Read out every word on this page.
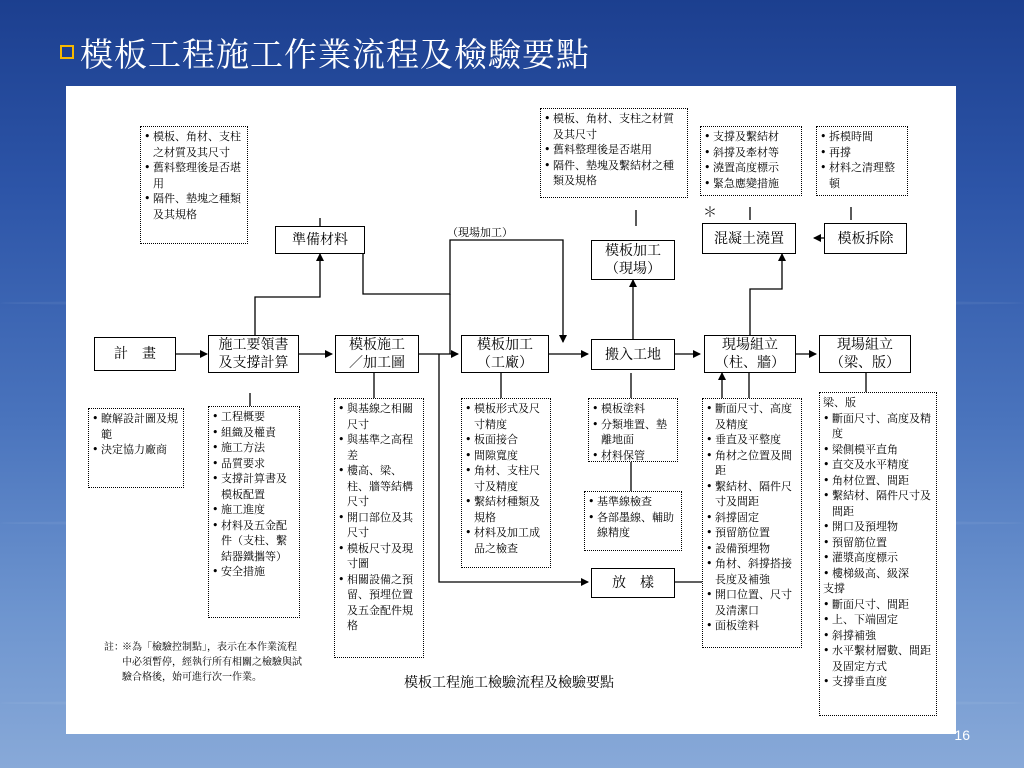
模板工程施工作業流程及檢驗要點
計　畫
施工要領書
及支撐計算
模板施工
／加工圖
準備材料
模板加工
（工廠）
模板加工
（現場）
搬入工地
現場組立
（柱、牆）
現場組立
（梁、版）
混凝土澆置	模板拆除
放　樣
（現場加工）
＊
• 模板、角材、支柱之材質及其尺寸
• 舊料整理後是否堪用
• 隔件、墊塊之種類及其規格
• 模板、角材、支柱之材質及其尺寸
• 舊料整理後是否堪用
• 隔件、墊塊及繫結材之種類及規格
• 支撐及繫結材
• 斜撐及牽材等
• 澆置高度標示
• 緊急應變措施
• 拆模時間
• 再撐
• 材料之清理整頓
• 瞭解設計圖及規範
• 決定協力廠商
• 工程概要
• 組織及權責
• 施工方法
• 品質要求
• 支撐計算書及模板配置
• 施工進度
• 材料及五金配件（支柱、繫結器鐵攜等）
• 安全措施
• 與基線之相關尺寸
• 與基準之高程差
• 樓高、梁、柱、牆等結構尺寸
• 開口部位及其尺寸
• 模板尺寸及現寸圖
• 相關設備之預留、預埋位置及五金配件規格
• 模板形式及尺寸精度
• 板面接合
• 間隙寬度
• 角材、支柱尺寸及精度
• 繫結材種類及規格
• 材料及加工成品之檢查
• 模板塗料
• 分類堆置、墊離地面
• 材料保管
• 基準線檢查
• 各部墨線、輔助線精度
• 斷面尺寸、高度及精度
• 垂直及平整度
• 角材之位置及間距
• 繫結材、隔件尺寸及間距
• 斜撐固定
• 預留筋位置
• 設備預埋物
• 角材、斜撐搭接長度及補強
• 開口位置、尺寸及清潔口
• 面板塗料
梁、版
• 斷面尺寸、高度及精度
• 梁側模平直角
• 直交及水平精度
• 角材位置、間距
• 繫結材、隔件尺寸及間距
• 開口及預埋物
• 預留筋位置
• 灌漿高度標示
• 樓梯級高、級深
支撐
• 斷面尺寸、間距
• 上、下端固定
• 斜撐補強
• 水平繫材層數、間距及固定方式
• 支撐垂直度
註：
※為「檢驗控制點」，表示在本作業流程中必須暫停，經執行所有相關之檢驗與試驗合格後，始可進行次一作業。	模板工程施工檢驗流程及檢驗要點
16
